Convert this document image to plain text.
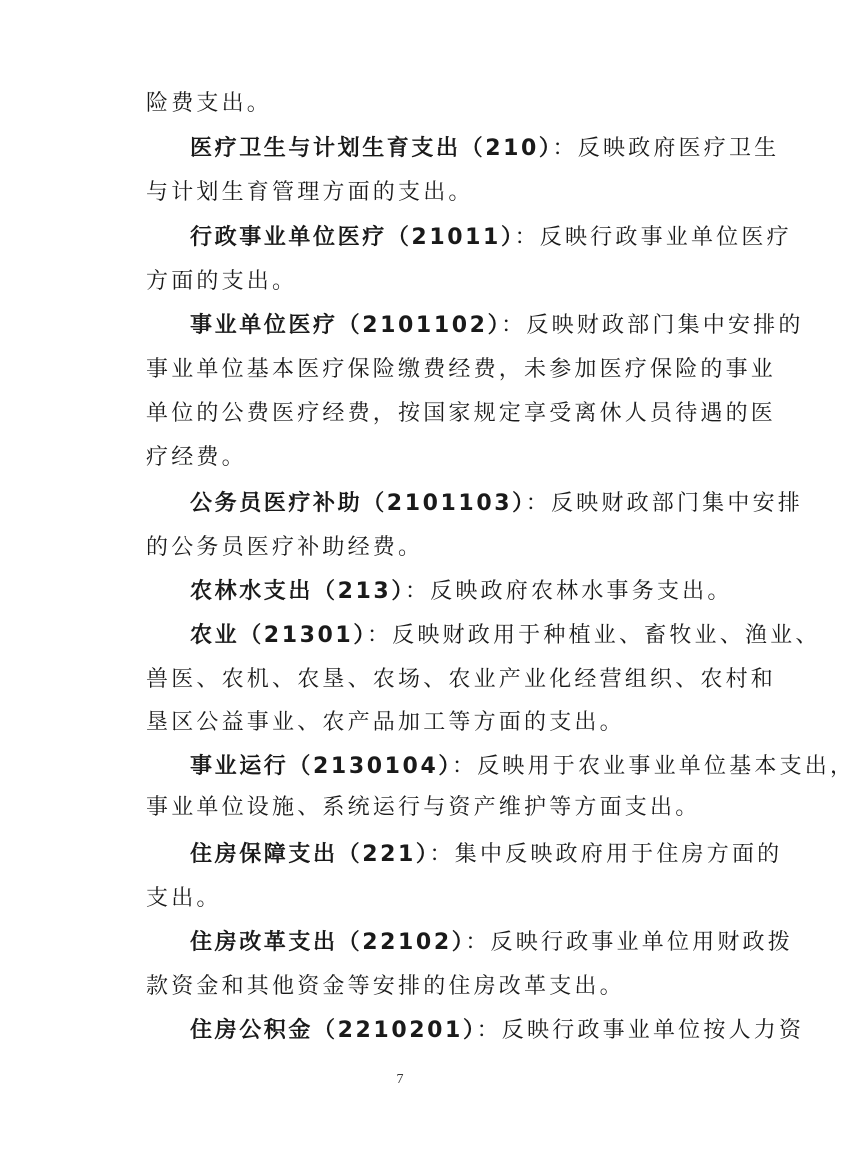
险费支出。
医疗卫生与计划生育支出（210）：反映政府医疗卫生
与计划生育管理方面的支出。
行政事业单位医疗（21011）：反映行政事业单位医疗
方面的支出。
事业单位医疗（2101102）：反映财政部门集中安排的
事业单位基本医疗保险缴费经费，未参加医疗保险的事业
单位的公费医疗经费，按国家规定享受离休人员待遇的医
疗经费。
公务员医疗补助（2101103）：反映财政部门集中安排
的公务员医疗补助经费。
农林水支出（213）：反映政府农林水事务支出。
农业（21301）：反映财政用于种植业、畜牧业、渔业、
兽医、农机、农垦、农场、农业产业化经营组织、农村和
垦区公益事业、农产品加工等方面的支出。
事业运行（2130104）：反映用于农业事业单位基本支出，
事业单位设施、系统运行与资产维护等方面支出。
住房保障支出（221）：集中反映政府用于住房方面的
支出。
住房改革支出（22102）：反映行政事业单位用财政拨
款资金和其他资金等安排的住房改革支出。
住房公积金（2210201）：反映行政事业单位按人力资
7
